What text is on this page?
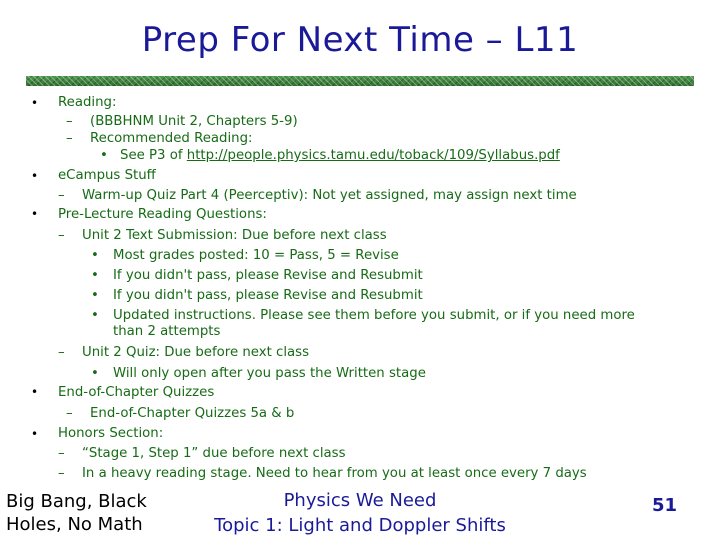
Prep For Next Time – L11
•
•
•
•
•
Reading:
– (BBBHNM Unit 2, Chapters 5-9)
– Recommended Reading:
• See P3 of http://people.physics.tamu.edu/toback/109/Syllabus.pdf
eCampus Stuff
– Warm-up Quiz Part 4 (Peerceptiv): Not yet assigned, may assign next time
Pre-Lecture Reading Questions:
– Unit 2 Text Submission: Due before next class
• Most grades posted: 10 = Pass, 5 = Revise
• If you didn't pass, please Revise and Resubmit
• If you didn't pass, please Revise and Resubmit
• Updated instructions. Please see them before you submit, or if you need more
than 2 attempts
– Unit 2 Quiz: Due before next class
• Will only open after you pass the Written stage
End-of-Chapter Quizzes
– End-of-Chapter Quizzes 5a & b
Honors Section:
– “Stage 1, Step 1” due before next class
– In a heavy reading stage. Need to hear from you at least once every 7 days
Big Bang, Black
Holes, No Math
Physics We Need
Topic 1: Light and Doppler Shifts
51
